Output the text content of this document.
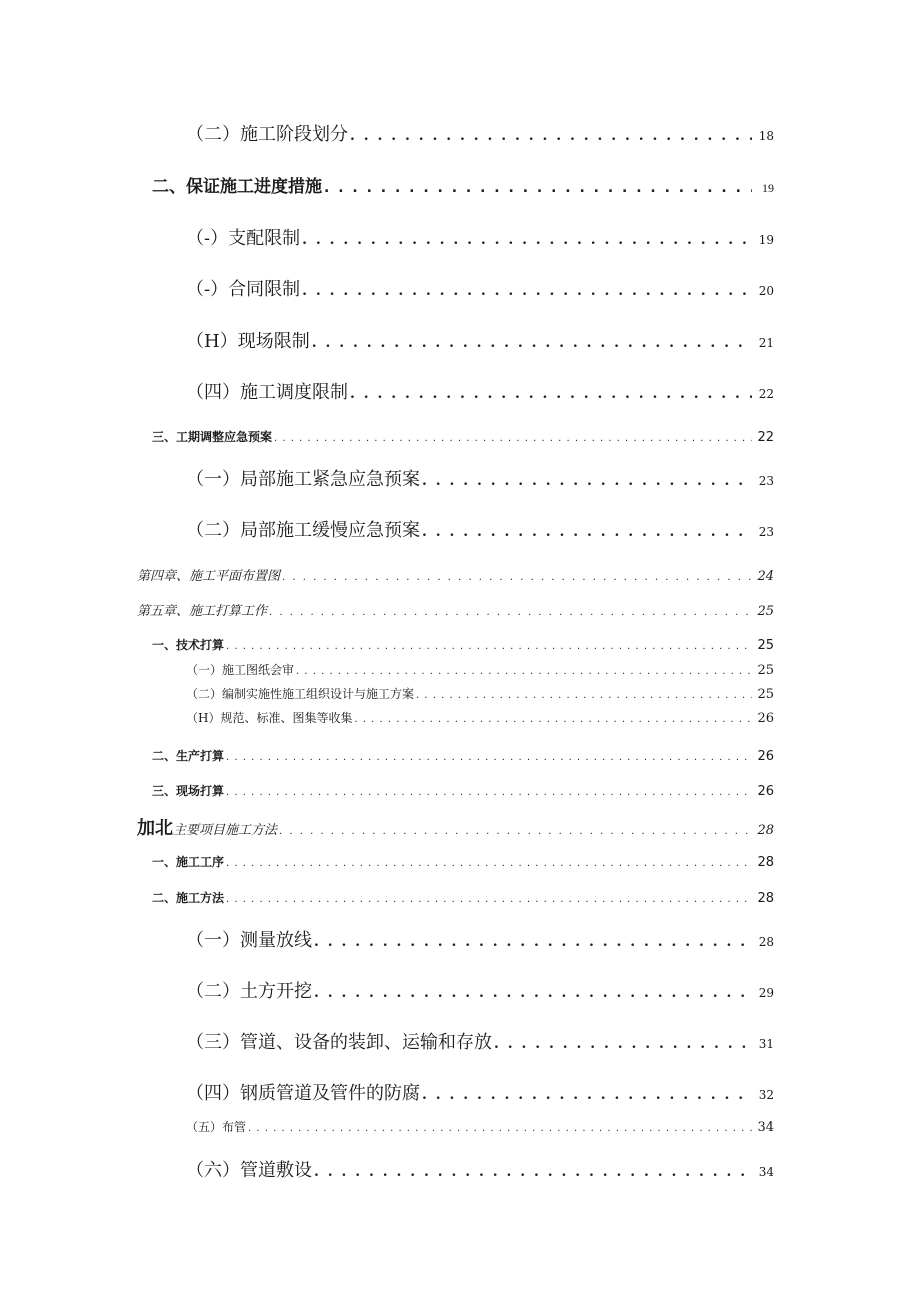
（二）施工阶段划分 . . .	18
二、保证施工进度措施 . . .	19
（-）支配限制 . . .	19
（-）合同限制 . . .	20
（H）现场限制 . . .	21
（四）施工调度限制 . . .	22
三、工期调整应急预案 . . .	22
（一）局部施工紧急应急预案 . . .	23
（二）局部施工缓慢应急预案 . . .	23
第四章、施工平面布置图 . . .	24
第五章、施工打算工作 . . .	25
一、技术打算 . . .	25
（一）施工图纸会审 . . .	25
（二）编制实施性施工组织设计与施工方案 . . .	25
（H）规范、标准、图集等收集 . . .	26
二、生产打算 . . .	26
三、现场打算 . . .	26
加北主要项目施工方法 . . .	28
一、施工工序 . . .	28
二、施工方法 . . .	28
（一）测量放线 . . .	28
（二）土方开挖 . . .	29
（三）管道、设备的装卸、运输和存放 . . .	31
（四）钢质管道及管件的防腐 . . .	32
（五）布管 . . .	34
（六）管道敷设 . . .	34
